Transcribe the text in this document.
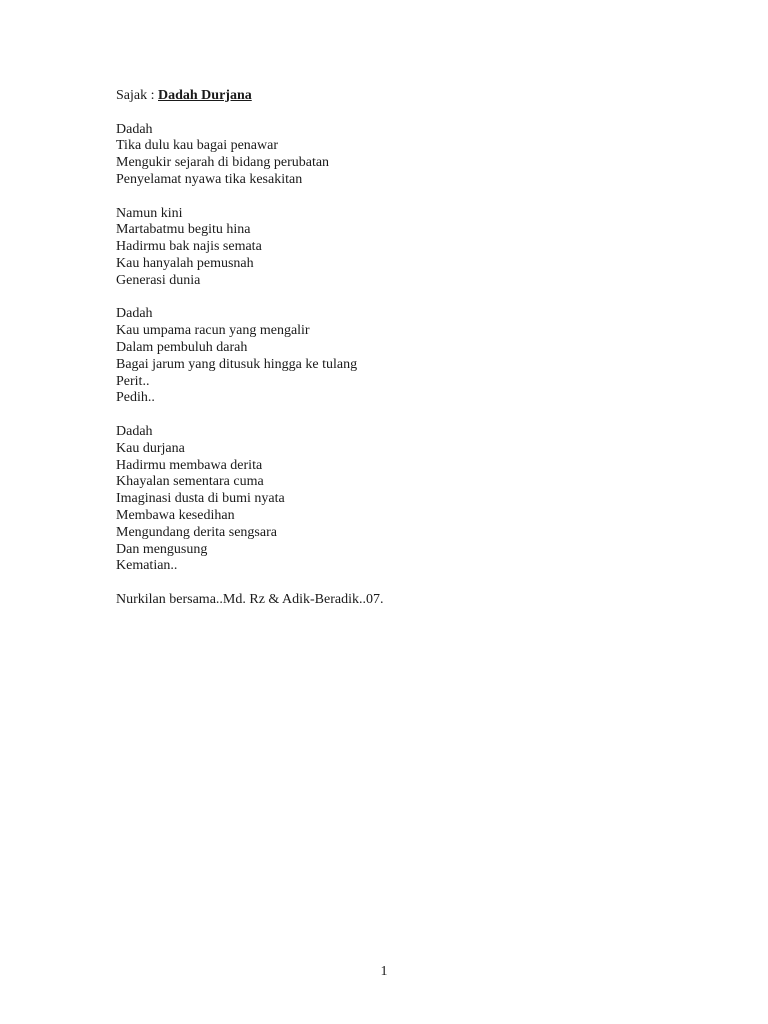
Sajak : Dadah Durjana

Dadah
Tika dulu kau bagai penawar
Mengukir sejarah di bidang perubatan
Penyelamat nyawa tika kesakitan
Namun kini
Martabatmu begitu hina
Hadirmu bak najis semata
Kau hanyalah pemusnah
Generasi dunia
Dadah
Kau umpama racun yang mengalir
Dalam pembuluh darah
Bagai jarum yang ditusuk hingga ke tulang
Perit..
Pedih..
Dadah
Kau durjana
Hadirmu membawa derita
Khayalan sementara cuma
Imaginasi dusta di bumi nyata
Membawa kesedihan
Mengundang derita sengsara
Dan mengusung
Kematian..

Nurkilan bersama..Md. Rz & Adik-Beradik..07.

1
